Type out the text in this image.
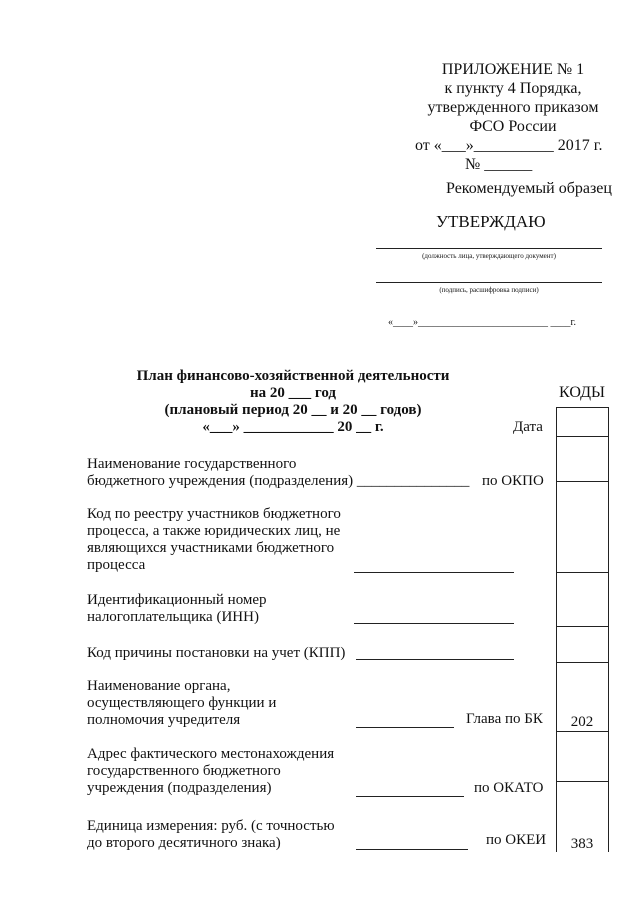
ПРИЛОЖЕНИЕ № 1
к пункту 4 Порядка,
утвержденного приказом
ФСО России
от «___»__________ 2017 г.
№ ______
Рекомендуемый образец
УТВЕРЖДАЮ
(должность лица, утверждающего документ)
(подпись, расшифровка подписи)
«____»__________________________ ____г.
План финансово-хозяйственной деятельности
на 20 ___ год
(плановый период 20 __ и 20 __ годов)
«___» ____________ 20 __ г.
КОДЫ
Дата
Наименование государственного
бюджетного учреждения (подразделения) _______________ по ОКПО
Код по реестру участников бюджетного
процесса, а также юридических лиц, не
являющихся участниками бюджетного
процесса
Идентификационный номер
налогоплательщика (ИНН)
Код причины постановки на учет (КПП)
Наименование органа,
осуществляющего функции и
полномочия учредителя	Глава по БК	202
Адрес фактического местонахождения
государственного бюджетного
учреждения (подразделения)	по ОКАТО
Единица измерения: руб. (с точностью
до второго десятичного знака)	по ОКЕИ	383
